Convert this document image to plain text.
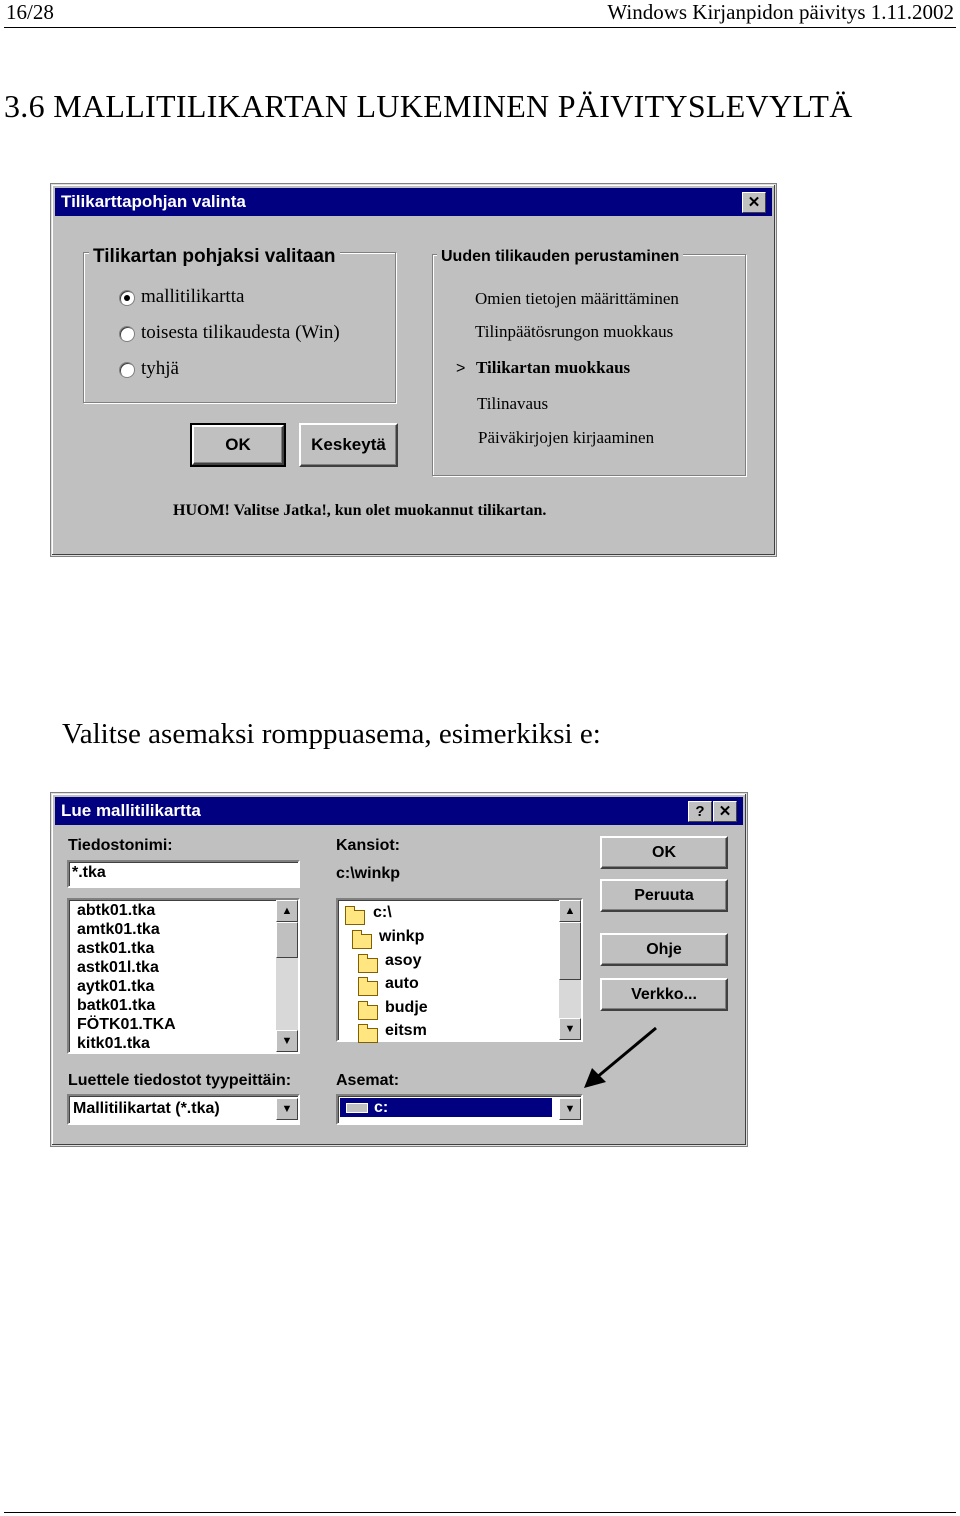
16/28	Windows Kirjanpidon päivitys 1.11.2002
3.6 MALLITILIKARTAN LUKEMINEN PÄIVITYSLEVYLTÄ
Tilikarttapohjan valinta	✕
Tilikartan pohjaksi valitaan
mallitilikartta
toisesta tilikaudesta (Win)
tyhjä
OK	Keskeytä
Uuden tilikauden perustaminen
>
Omien tietojen määrittäminen
Tilinpäätösrungon muokkaus
Tilikartan muokkaus
Tilinavaus
Päiväkirjojen kirjaaminen
HUOM! Valitse Jatka!, kun olet muokannut tilikartan.
Valitse asemaksi romppuasema, esimerkiksi e:
Lue mallitilikartta	? ✕
Tiedostonimi:
*.tka
abtk01.tka
amtk01.tka
astk01.tka
astk01l.tka
aytk01.tka
batk01.tka
FÖTK01.TKA
kitk01.tka
▲
▼
Luettele tiedostot tyypeittäin:
Mallitilikartat (*.tka)	▼
Kansiot:
c:\winkp
c:\
winkp
asoy
auto
budje
eitsm
▲
▼
Asemat:
c:	▼
OK
Peruuta
Ohje
Verkko...
